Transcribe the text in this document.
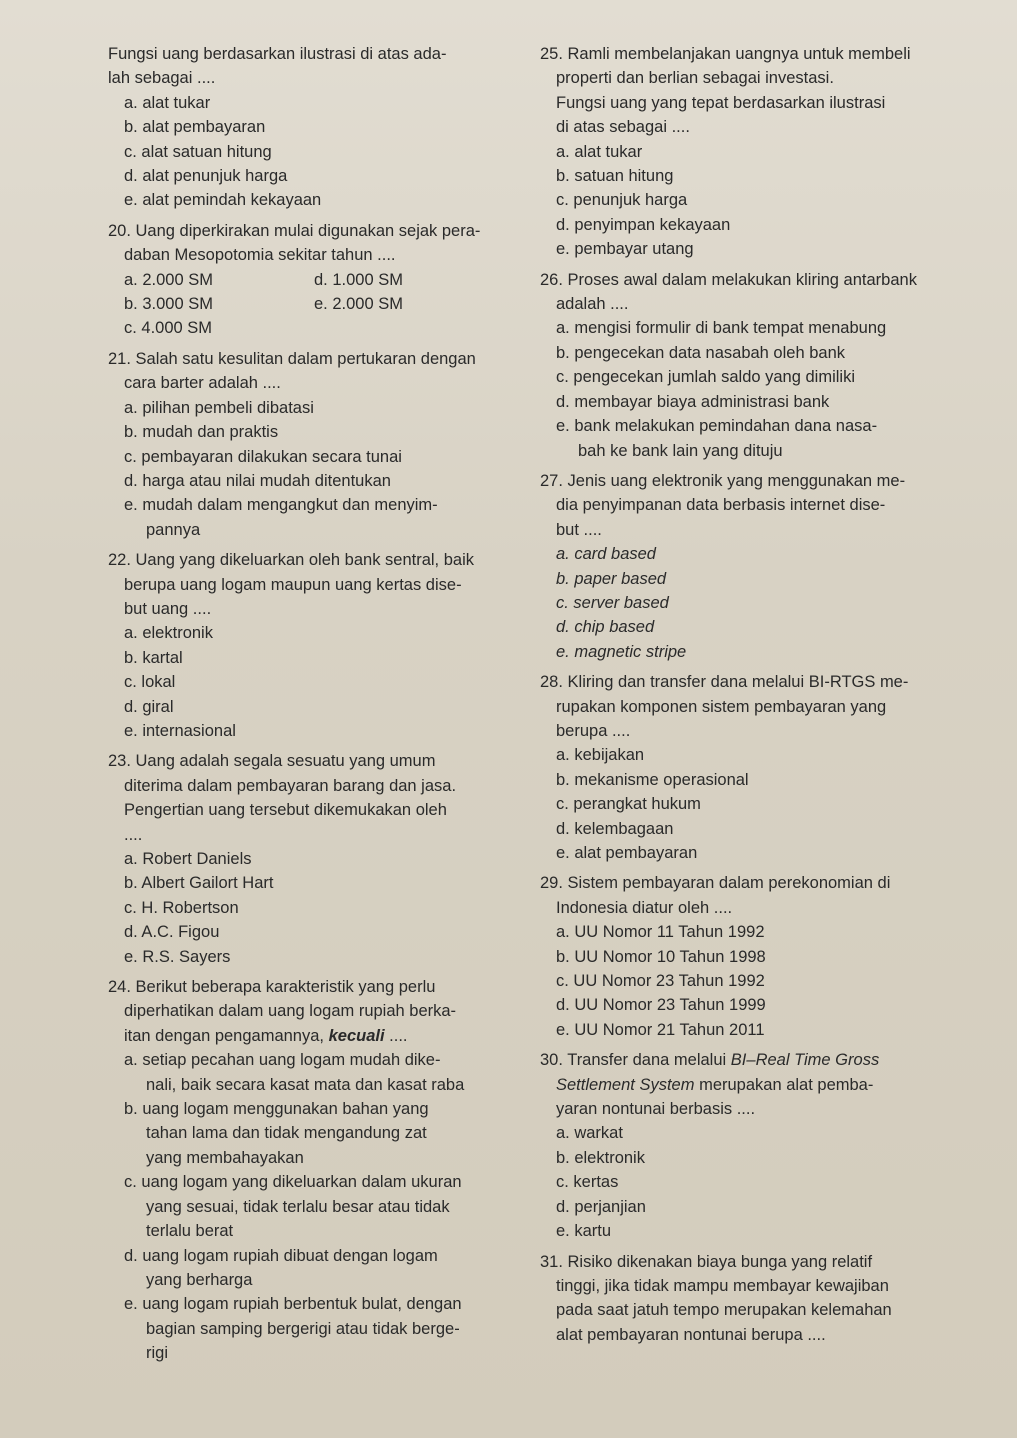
Fungsi uang berdasarkan ilustrasi di atas ada-
lah sebagai ....
a. alat tukar
b. alat pembayaran
c. alat satuan hitung
d. alat penunjuk harga
e. alat pemindah kekayaan
20. Uang diperkirakan mulai digunakan sejak pera-
daban Mesopotomia sekitar tahun ....
a. 2.000 SM	d. 1.000 SM
b. 3.000 SM	e. 2.000 SM
c. 4.000 SM
21. Salah satu kesulitan dalam pertukaran dengan
cara barter adalah ....
a. pilihan pembeli dibatasi
b. mudah dan praktis
c. pembayaran dilakukan secara tunai
d. harga atau nilai mudah ditentukan
e. mudah dalam mengangkut dan menyim-
pannya
22. Uang yang dikeluarkan oleh bank sentral, baik
berupa uang logam maupun uang kertas dise-
but uang ....
a. elektronik
b. kartal
c. lokal
d. giral
e. internasional
23. Uang adalah segala sesuatu yang umum
diterima dalam pembayaran barang dan jasa.
Pengertian uang tersebut dikemukakan oleh
....
a. Robert Daniels
b. Albert Gailort Hart
c. H. Robertson
d. A.C. Figou
e. R.S. Sayers
24. Berikut beberapa karakteristik yang perlu
diperhatikan dalam uang logam rupiah berka-
itan dengan pengamannya, kecuali ....
a. setiap pecahan uang logam mudah dike-
nali, baik secara kasat mata dan kasat raba
b. uang logam menggunakan bahan yang
tahan lama dan tidak mengandung zat
yang membahayakan
c. uang logam yang dikeluarkan dalam ukuran
yang sesuai, tidak terlalu besar atau tidak
terlalu berat
d. uang logam rupiah dibuat dengan logam
yang berharga
e. uang logam rupiah berbentuk bulat, dengan
bagian samping bergerigi atau tidak berge-
rigi
25. Ramli membelanjakan uangnya untuk membeli
properti dan berlian sebagai investasi.
Fungsi uang yang tepat berdasarkan ilustrasi
di atas sebagai ....
a. alat tukar
b. satuan hitung
c. penunjuk harga
d. penyimpan kekayaan
e. pembayar utang
26. Proses awal dalam melakukan kliring antarbank
adalah ....
a. mengisi formulir di bank tempat menabung
b. pengecekan data nasabah oleh bank
c. pengecekan jumlah saldo yang dimiliki
d. membayar biaya administrasi bank
e. bank melakukan pemindahan dana nasa-
bah ke bank lain yang dituju
27. Jenis uang elektronik yang menggunakan me-
dia penyimpanan data berbasis internet dise-
but ....
a. card based
b. paper based
c. server based
d. chip based
e. magnetic stripe
28. Kliring dan transfer dana melalui BI-RTGS me-
rupakan komponen sistem pembayaran yang
berupa ....
a. kebijakan
b. mekanisme operasional
c. perangkat hukum
d. kelembagaan
e. alat pembayaran
29. Sistem pembayaran dalam perekonomian di
Indonesia diatur oleh ....
a. UU Nomor 11 Tahun 1992
b. UU Nomor 10 Tahun 1998
c. UU Nomor 23 Tahun 1992
d. UU Nomor 23 Tahun 1999
e. UU Nomor 21 Tahun 2011
30. Transfer dana melalui BI–Real Time Gross
Settlement System merupakan alat pemba-
yaran nontunai berbasis ....
a. warkat
b. elektronik
c. kertas
d. perjanjian
e. kartu
31. Risiko dikenakan biaya bunga yang relatif
tinggi, jika tidak mampu membayar kewajiban
pada saat jatuh tempo merupakan kelemahan
alat pembayaran nontunai berupa ....
